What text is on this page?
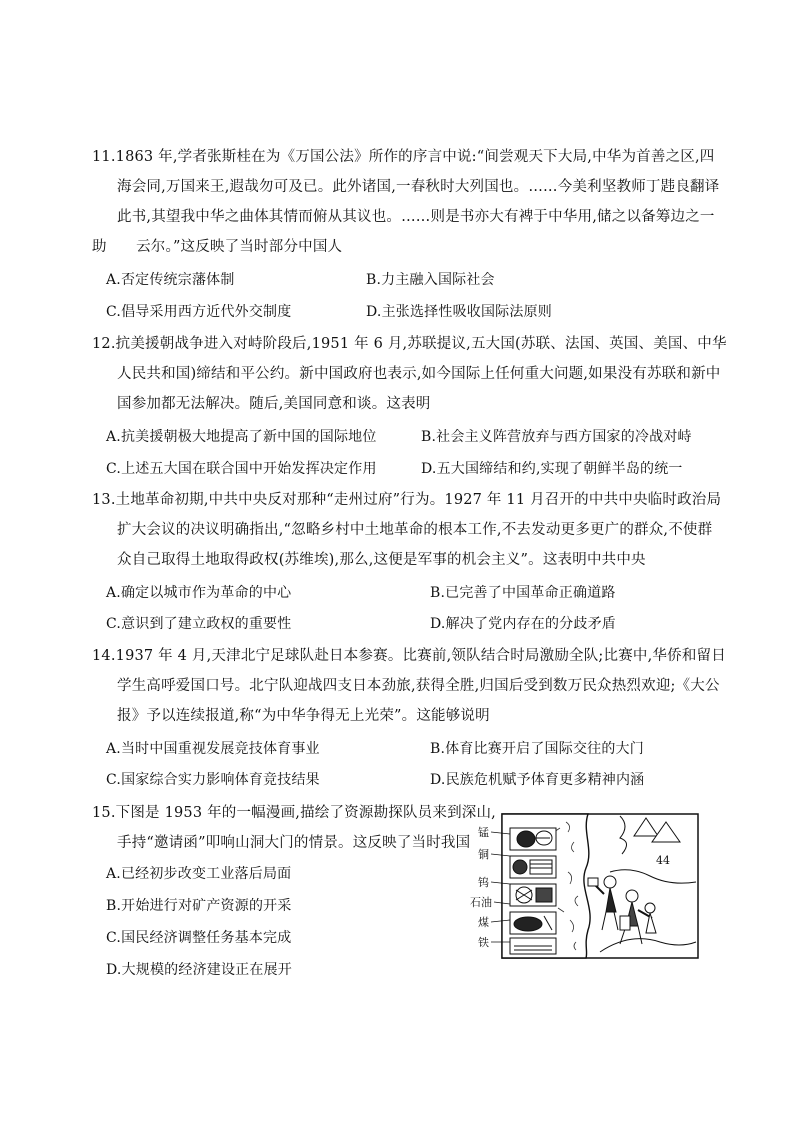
11.1863 年,学者张斯桂在为《万国公法》所作的序言中说:“间尝观天下大局,中华为首善之区,四
海会同,万国来王,遐哉勿可及已。此外诸国,一春秋时大列国也。……今美利坚教师丁韪良翻译
此书,其望我中华之曲体其情而俯从其议也。……则是书亦大有裨于中华用,储之以备筹边之一
助　　云尔。”这反映了当时部分中国人
A.否定传统宗藩体制	B.力主融入国际社会
C.倡导采用西方近代外交制度	D.主张选择性吸收国际法原则
12.抗美援朝战争进入对峙阶段后,1951 年 6 月,苏联提议,五大国(苏联、法国、英国、美国、中华
人民共和国)缔结和平公约。新中国政府也表示,如今国际上任何重大问题,如果没有苏联和新中
国参加都无法解决。随后,美国同意和谈。这表明
A.抗美援朝极大地提高了新中国的国际地位	B.社会主义阵营放弃与西方国家的冷战对峙
C.上述五大国在联合国中开始发挥决定作用	D.五大国缔结和约,实现了朝鲜半岛的统一
13.土地革命初期,中共中央反对那种“走州过府”行为。1927 年 11 月召开的中共中央临时政治局
扩大会议的决议明确指出,“忽略乡村中土地革命的根本工作,不去发动更多更广的群众,不使群
众自己取得土地取得政权(苏维埃),那么,这便是军事的机会主义”。这表明中共中央
A.确定以城市作为革命的中心	B.已完善了中国革命正确道路
C.意识到了建立政权的重要性	D.解决了党内存在的分歧矛盾
14.1937 年 4 月,天津北宁足球队赴日本参赛。比赛前,领队结合时局激励全队;比赛中,华侨和留日
学生高呼爱国口号。北宁队迎战四支日本劲旅,获得全胜,归国后受到数万民众热烈欢迎;《大公
报》予以连续报道,称“为中华争得无上光荣”。这能够说明
A.当时中国重视发展竞技体育事业	B.体育比赛开启了国际交往的大门
C.国家综合实力影响体育竞技结果	D.民族危机赋予体育更多精神内涵
15.下图是 1953 年的一幅漫画,描绘了资源勘探队员来到深山,
手持“邀请函”叩响山洞大门的情景。这反映了当时我国
A.已经初步改变工业落后局面
B.开始进行对矿产资源的开采
C.国民经济调整任务基本完成
D.大规模的经济建设正在展开
44
锰
铜
钨
石油
煤
铁
